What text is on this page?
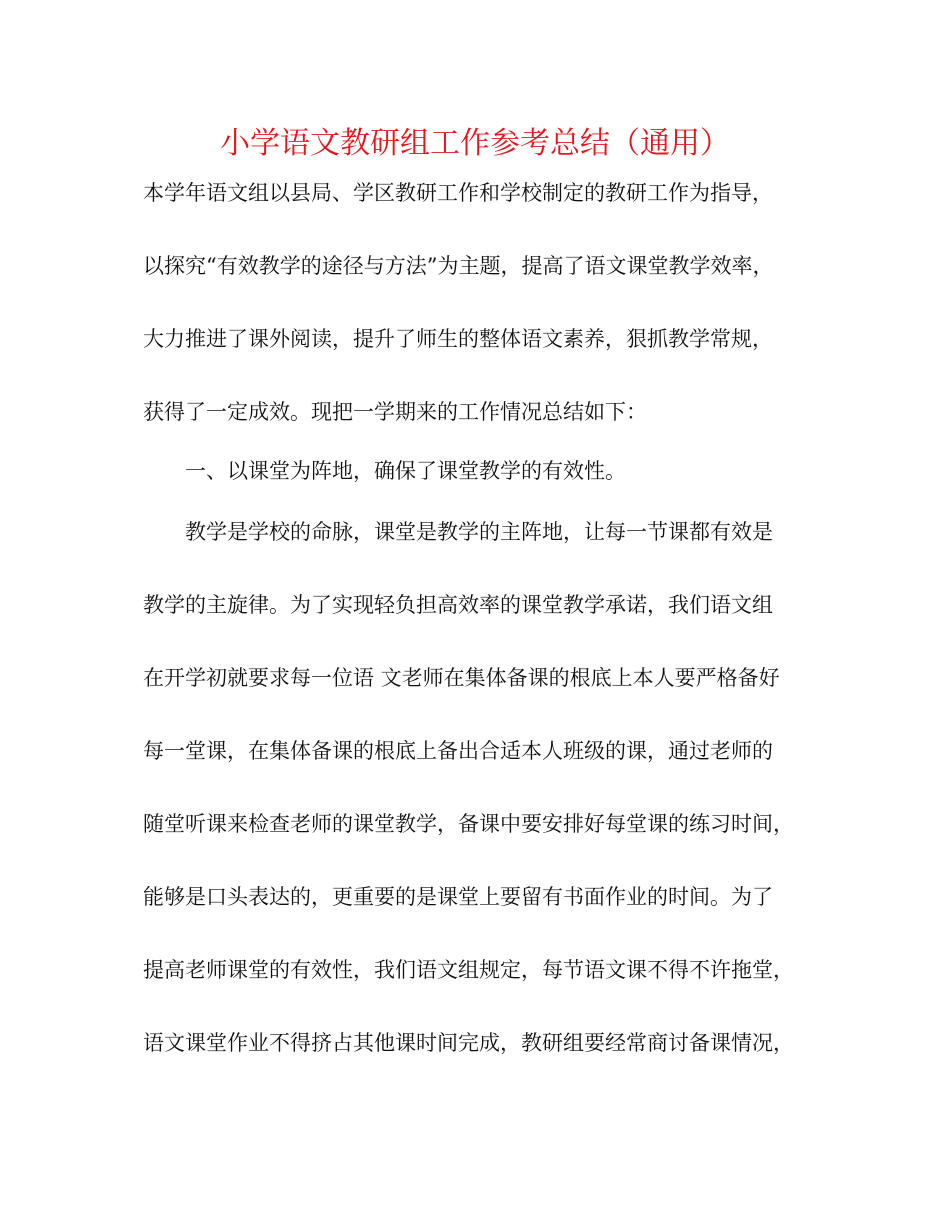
小学语文教研组工作参考总结（通用）

本学年语文组以县局、学区教研工作和学校制定的教研工作为指导，

以探究“有效教学的途径与方法”为主题，提高了语文课堂教学效率，

大力推进了课外阅读，提升了师生的整体语文素养，狠抓教学常规，

获得了一定成效。现把一学期来的工作情况总结如下：

一、以课堂为阵地，确保了课堂教学的有效性。

教学是学校的命脉，课堂是教学的主阵地，让每一节课都有效是

教学的主旋律。为了实现轻负担高效率的课堂教学承诺，我们语文组

在开学初就要求每一位语 文老师在集体备课的根底上本人要严格备好

每一堂课，在集体备课的根底上备出合适本人班级的课，通过老师的

随堂听课来检查老师的课堂教学，备课中要安排好每堂课的练习时间，

能够是口头表达的，更重要的是课堂上要留有书面作业的时间。为了

提高老师课堂的有效性，我们语文组规定，每节语文课不得不许拖堂，

语文课堂作业不得挤占其他课时间完成，教研组要经常商讨备课情况，
